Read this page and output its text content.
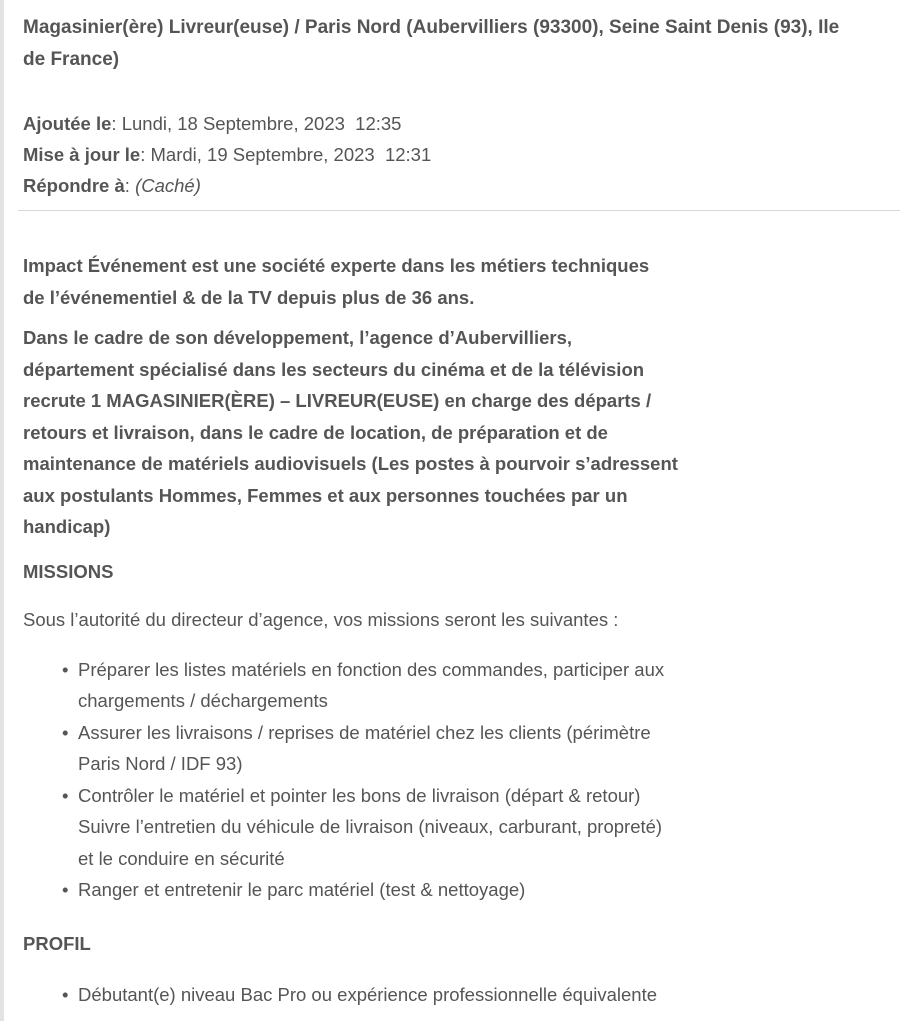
Magasinier(ère) Livreur(euse) / Paris Nord (Aubervilliers (93300), Seine Saint Denis (93), Ile de France)
Ajoutée le: Lundi, 18 Septembre, 2023  12:35
Mise à jour le: Mardi, 19 Septembre, 2023  12:31
Répondre à: (Caché)

Impact Événement est une société experte dans les métiers techniques
de l’événementiel & de la TV depuis plus de 36 ans.

Dans le cadre de son développement, l’agence d’Aubervilliers,
département spécialisé dans les secteurs du cinéma et de la télévision
recrute 1 MAGASINIER(ÈRE) – LIVREUR(EUSE) en charge des départs /
retours et livraison, dans le cadre de location, de préparation et de
maintenance de matériels audiovisuels (Les postes à pourvoir s’adressent
aux postulants Hommes, Femmes et aux personnes touchées par un
handicap)

MISSIONS

Sous l’autorité du directeur d’agence, vos missions seront les suivantes :

• Préparer les listes matériels en fonction des commandes, participer aux
chargements / déchargements
• Assurer les livraisons / reprises de matériel chez les clients (périmètre
Paris Nord / IDF 93)
• Contrôler le matériel et pointer les bons de livraison (départ & retour)
Suivre l’entretien du véhicule de livraison (niveaux, carburant, propreté)
et le conduire en sécurité
• Ranger et entretenir le parc matériel (test & nettoyage)
PROFIL
• Débutant(e) niveau Bac Pro ou expérience professionnelle équivalente
